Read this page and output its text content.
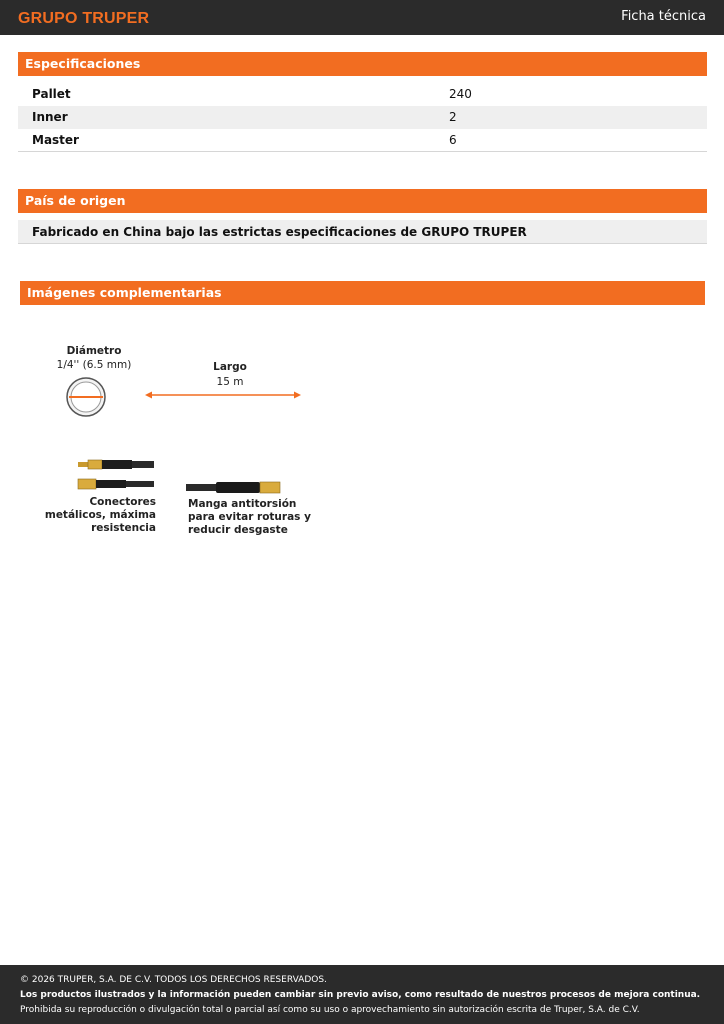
GRUPO TRUPER	Ficha técnica
Especificaciones
Pallet	240
Inner	2
Master	6
País de origen
Fabricado en China bajo las estrictas especificaciones de GRUPO TRUPER
Imágenes complementarias
Diámetro
1/4'' (6.5 mm)	Largo
15 m
Conectores
metálicos, máxima
resistencia
Manga antitorsión
para evitar roturas y
reducir desgaste
© 2026 TRUPER, S.A. DE C.V. TODOS LOS DERECHOS RESERVADOS.
Los productos ilustrados y la información pueden cambiar sin previo aviso, como resultado de nuestros procesos de mejora continua.
Prohibida su reproducción o divulgación total o parcial así como su uso o aprovechamiento sin autorización escrita de Truper, S.A. de C.V.
